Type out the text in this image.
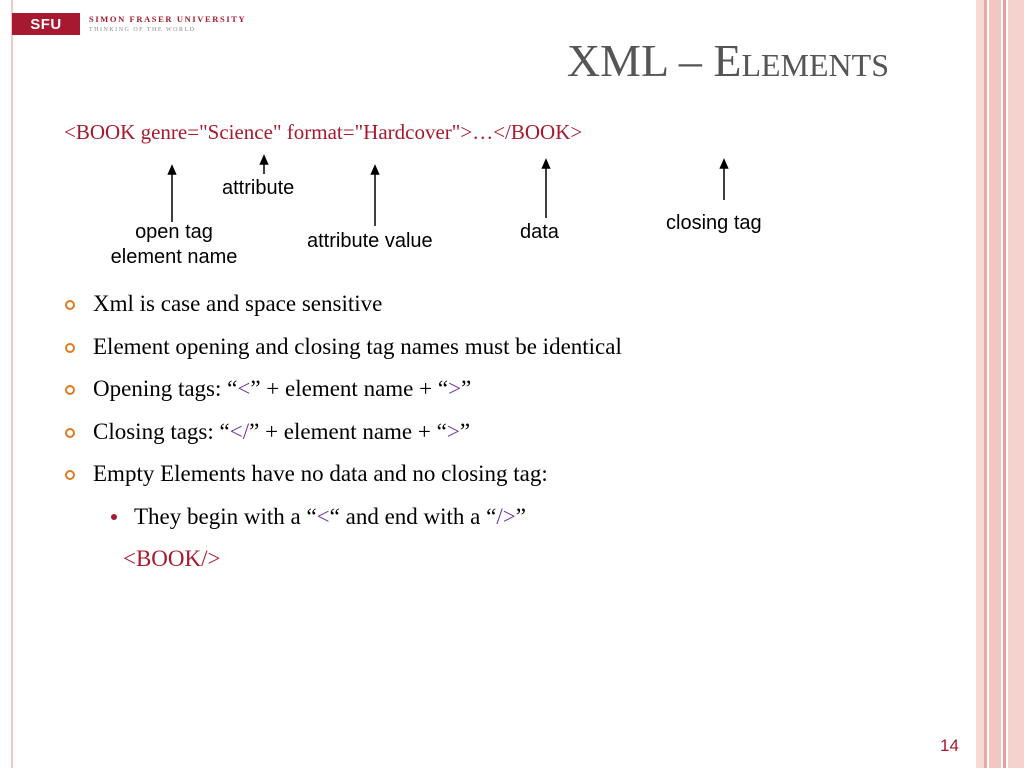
SFU	SIMON FRASER UNIVERSITY
THINKING OF THE WORLD
XML – Elements
<BOOK genre="Science" format="Hardcover">…</BOOK>
attribute
open tag
element name
attribute value	data	closing tag
Xml is case and space sensitive
Element opening and closing tag names must be identical
Opening tags: “<” + element name + “>”
Closing tags: “</” + element name + “>”
Empty Elements have no data and no closing tag:
They begin with a “<“ and end with a “/>”
<BOOK/>
14
